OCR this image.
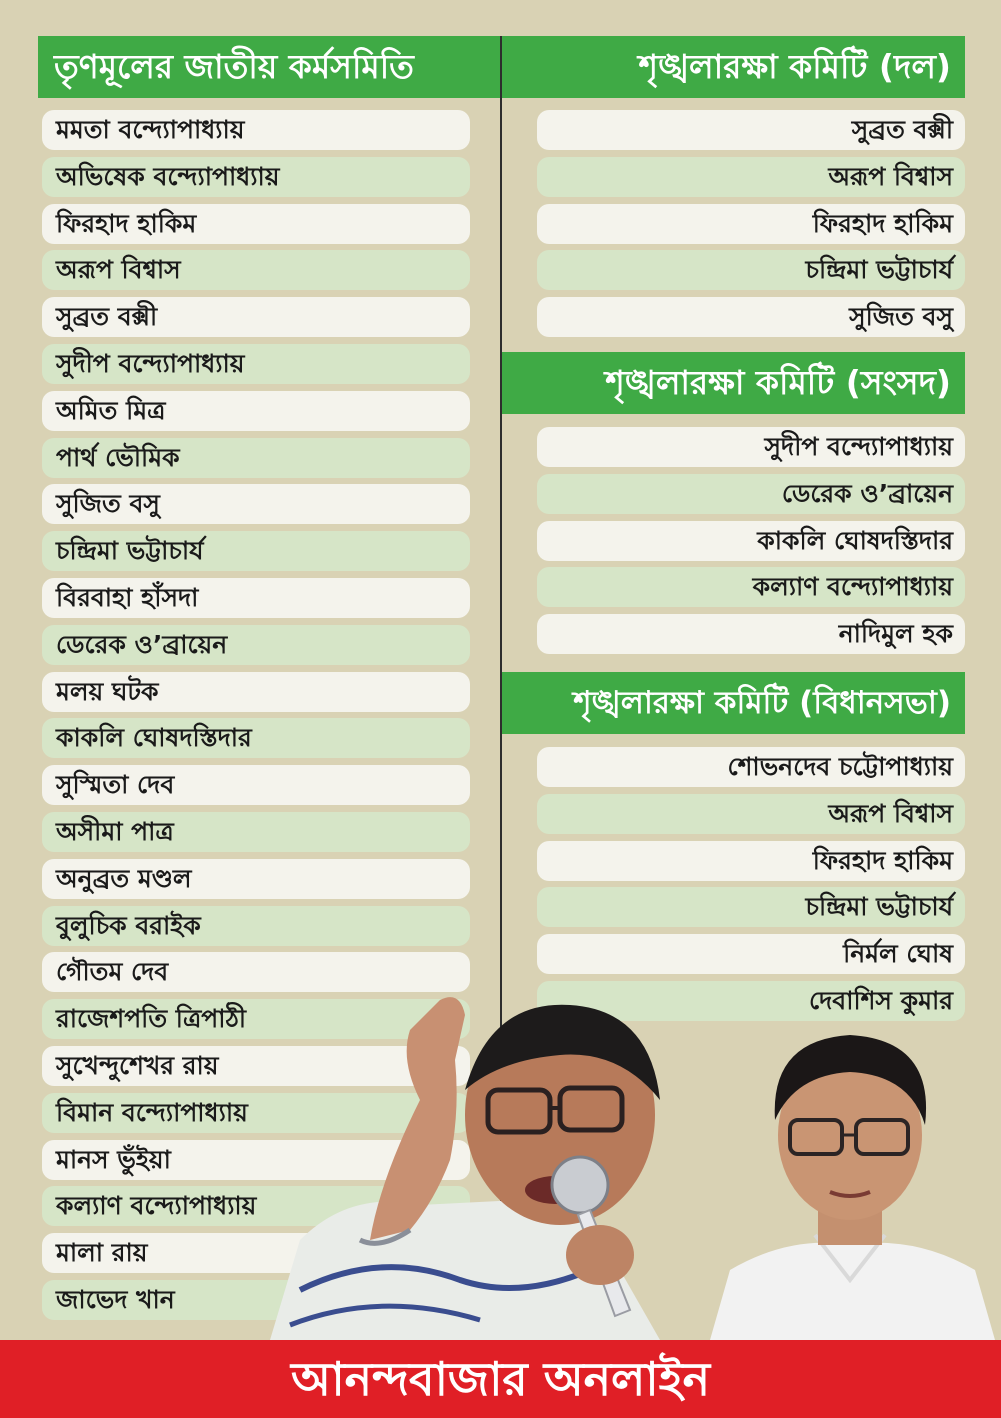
তৃণমূলের জাতীয় কর্মসমিতি
মমতা বন্দ্যোপাধ্যায়
অভিষেক বন্দ্যোপাধ্যায়
ফিরহাদ হাকিম
অরূপ বিশ্বাস
সুব্রত বক্সী
সুদীপ বন্দ্যোপাধ্যায়
অমিত মিত্র
পার্থ ভৌমিক
সুজিত বসু
চন্দ্রিমা ভট্টাচার্য
বিরবাহা হাঁসদা
ডেরেক ও’ব্রায়েন
মলয় ঘটক
কাকলি ঘোষদস্তিদার
সুস্মিতা দেব
অসীমা পাত্র
অনুব্রত মণ্ডল
বুলুচিক বরাইক
গৌতম দেব
রাজেশপতি ত্রিপাঠী
সুখেন্দুশেখর রায়
বিমান বন্দ্যোপাধ্যায়
মানস ভুঁইয়া
কল্যাণ বন্দ্যোপাধ্যায়
মালা রায়
জাভেদ খান
শৃঙ্খলারক্ষা কমিটি (দল)
সুব্রত বক্সী
অরূপ বিশ্বাস
ফিরহাদ হাকিম
চন্দ্রিমা ভট্টাচার্য
সুজিত বসু
শৃঙ্খলারক্ষা কমিটি (সংসদ)
সুদীপ বন্দ্যোপাধ্যায়
ডেরেক ও’ব্রায়েন
কাকলি ঘোষদস্তিদার
কল্যাণ বন্দ্যোপাধ্যায়
নাদিমুল হক
শৃঙ্খলারক্ষা কমিটি (বিধানসভা)
শোভনদেব চট্টোপাধ্যায়
অরূপ বিশ্বাস
ফিরহাদ হাকিম
চন্দ্রিমা ভট্টাচার্য
নির্মল ঘোষ
দেবাশিস কুমার
আনন্দবাজার অনলাইন
